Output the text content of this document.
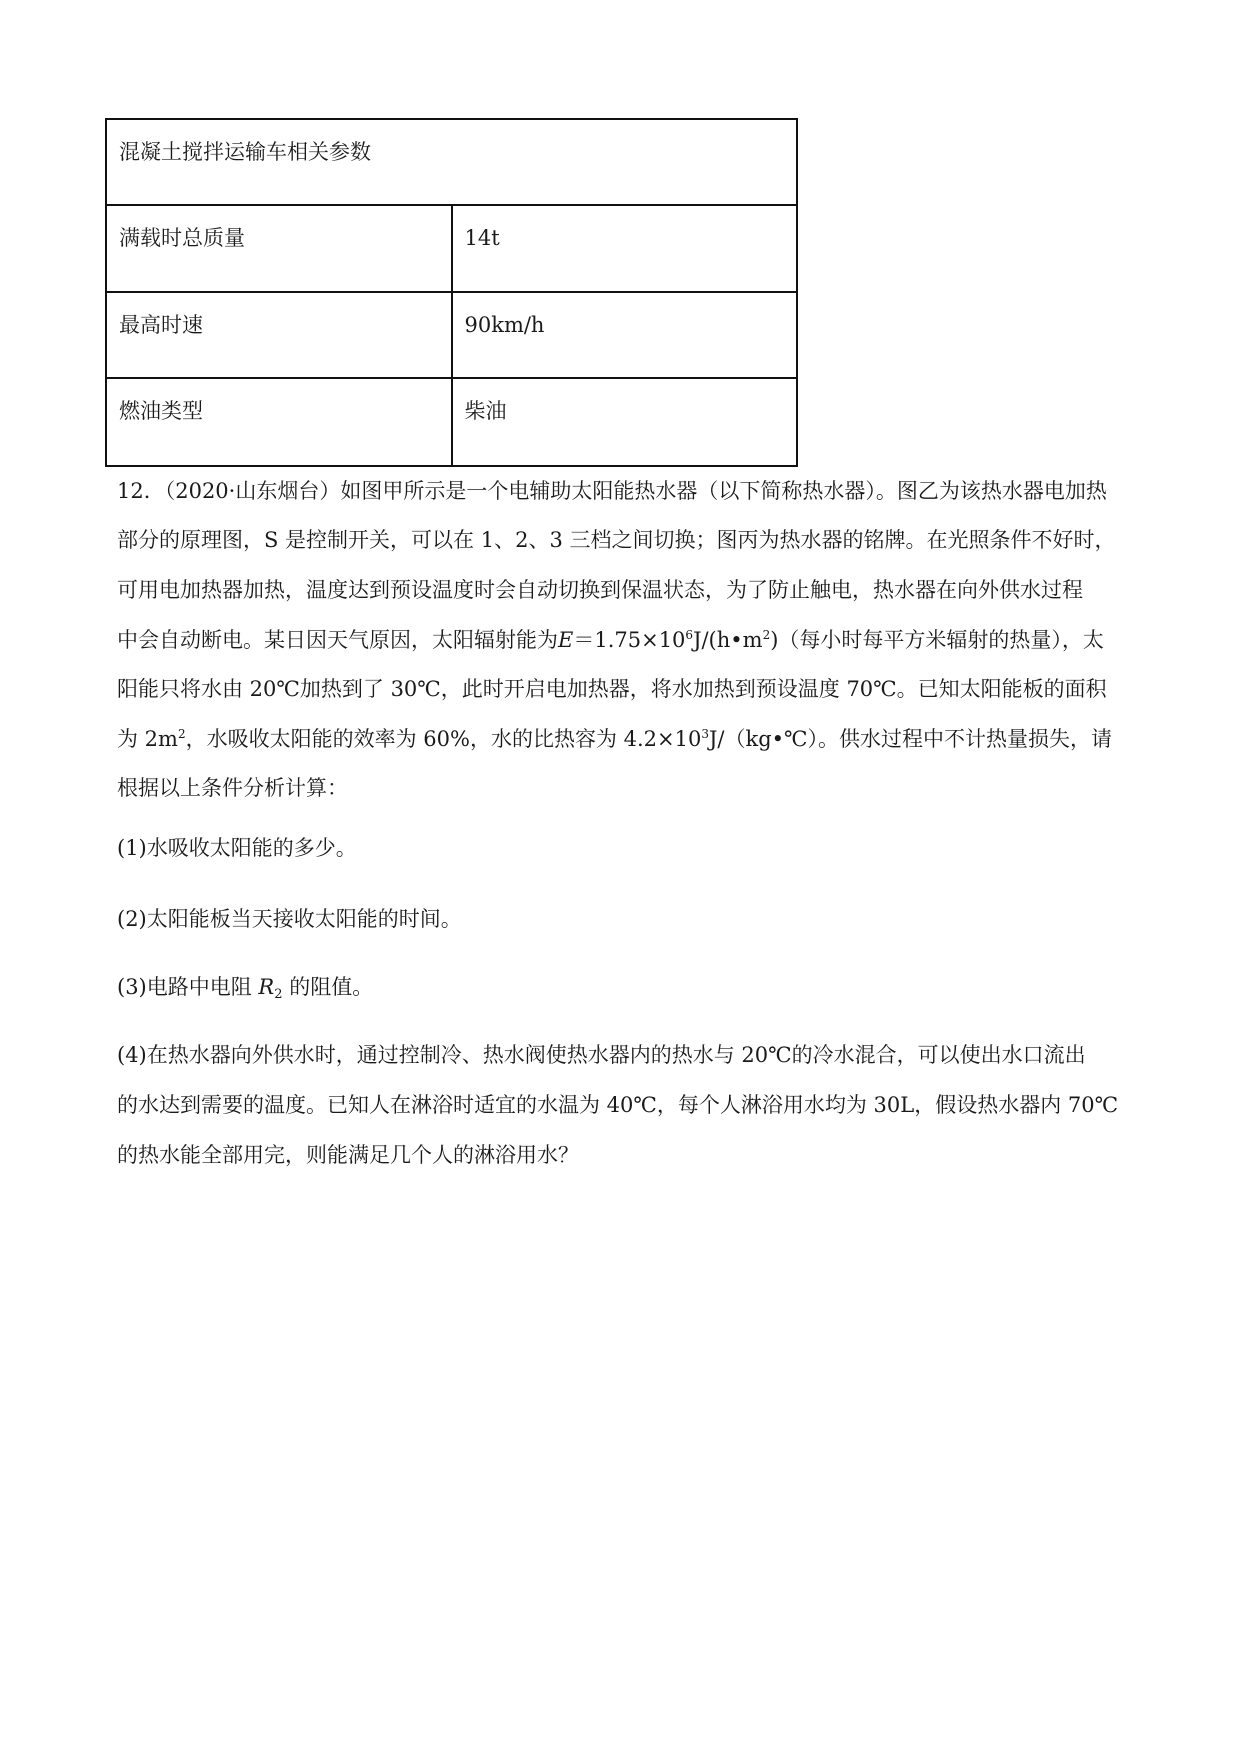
混凝土搅拌运输车相关参数	
满载时总质量	14t
最高时速	90km/h
燃油类型	柴油
12．（2020·山东烟台）如图甲所示是一个电辅助太阳能热水器（以下简称热水器）。图乙为该热水器电加热
部分的原理图，S 是控制开关，可以在 1、2、3 三档之间切换；图丙为热水器的铭牌。在光照条件不好时，
可用电加热器加热，温度达到预设温度时会自动切换到保温状态，为了防止触电，热水器在向外供水过程
中会自动断电。某日因天气原因，太阳辐射能为$E=1.75\times 10^6J/(h•m^2)$（每小时每平方米辐射的热量），太
阳能只将水由 20℃加热到了 30℃，此时开启电加热器，将水加热到预设温度 70℃。已知太阳能板的面积
为 $2m^2$，水吸收太阳能的效率为 60%，水的比热容为 $4.2\times 10^3J/(kg•℃)$。供水过程中不计热量损失，请
根据以上条件分析计算：
(1)水吸收太阳能的多少。
(2)太阳能板当天接收太阳能的时间。
(3)电路中电阻 $R_2$ 的阻值。
(4)在热水器向外供水时，通过控制冷、热水阀使热水器内的热水与 20℃的冷水混合，可以使出水口流出
的水达到需要的温度。已知人在淋浴时适宜的水温为 40℃，每个人淋浴用水均为 30L，假设热水器内 70℃
的热水能全部用完，则能满足几个人的淋浴用水？
